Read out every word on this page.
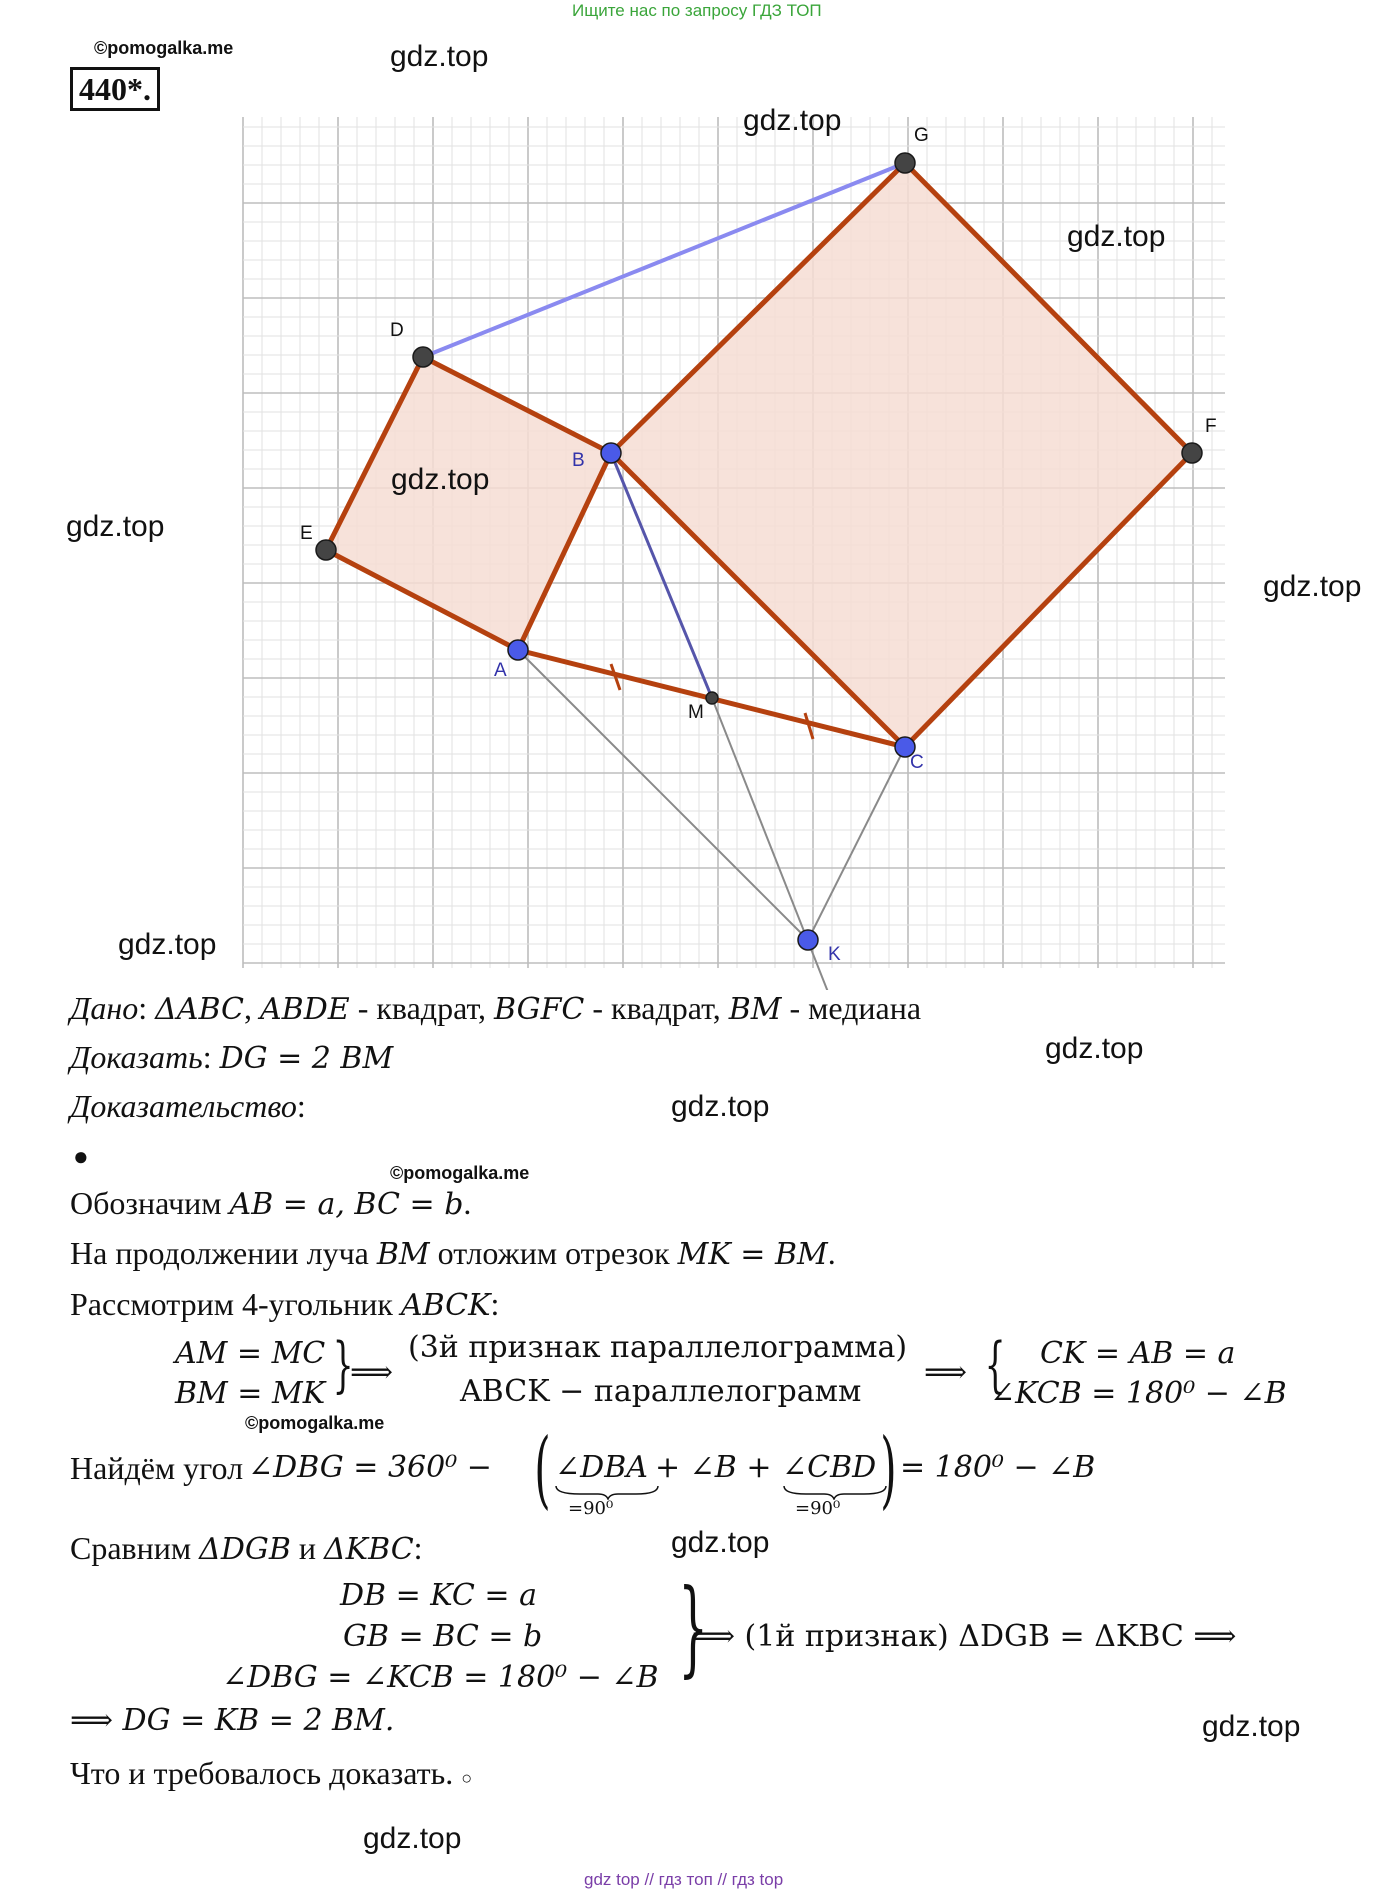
Ищите нас по запросу ГДЗ ТОП
©pomogalka.me
440*.
G
D
F
B
E
A
M
C
K
gdz.top
gdz.top
gdz.top
gdz.top
gdz.top
gdz.top
gdz.top
gdz.top
gdz.top
gdz.top
gdz.top
gdz.top
Дано: ΔABC, ABDE - квадрат, BGFC - квадрат, BM - медиана
Доказать: DG = 2 BM
Доказательство:
●
©pomogalka.me
Обозначим AB = a, BC = b.
На продолжении луча BM отложим отрезок MK = BM.
Рассмотрим 4-угольник ABCK:
AM = MC
BM = MK }
⟹
(3й признак параллелограмма)
ABCK − параллелограмм
⟹ { CK = AB = a
∠KCB = 180⁰ − ∠B
©pomogalka.me
Найдём угол ∠DBG = 360⁰ − ( ∠DBA
=90⁰
+ ∠B + ∠CBD
=90⁰ ) = 180⁰ − ∠B
Сравним ΔDGB и ΔKBC:
DB = KC = a
GB = BC = b
∠DBG = ∠KCB = 180⁰ − ∠B }
⟹ (1й признак) ΔDGB = ΔKBC ⟹
⟹ DG = KB = 2 BM.
Что и требовалось доказать. ○
gdz top // гдз топ // гдз top
